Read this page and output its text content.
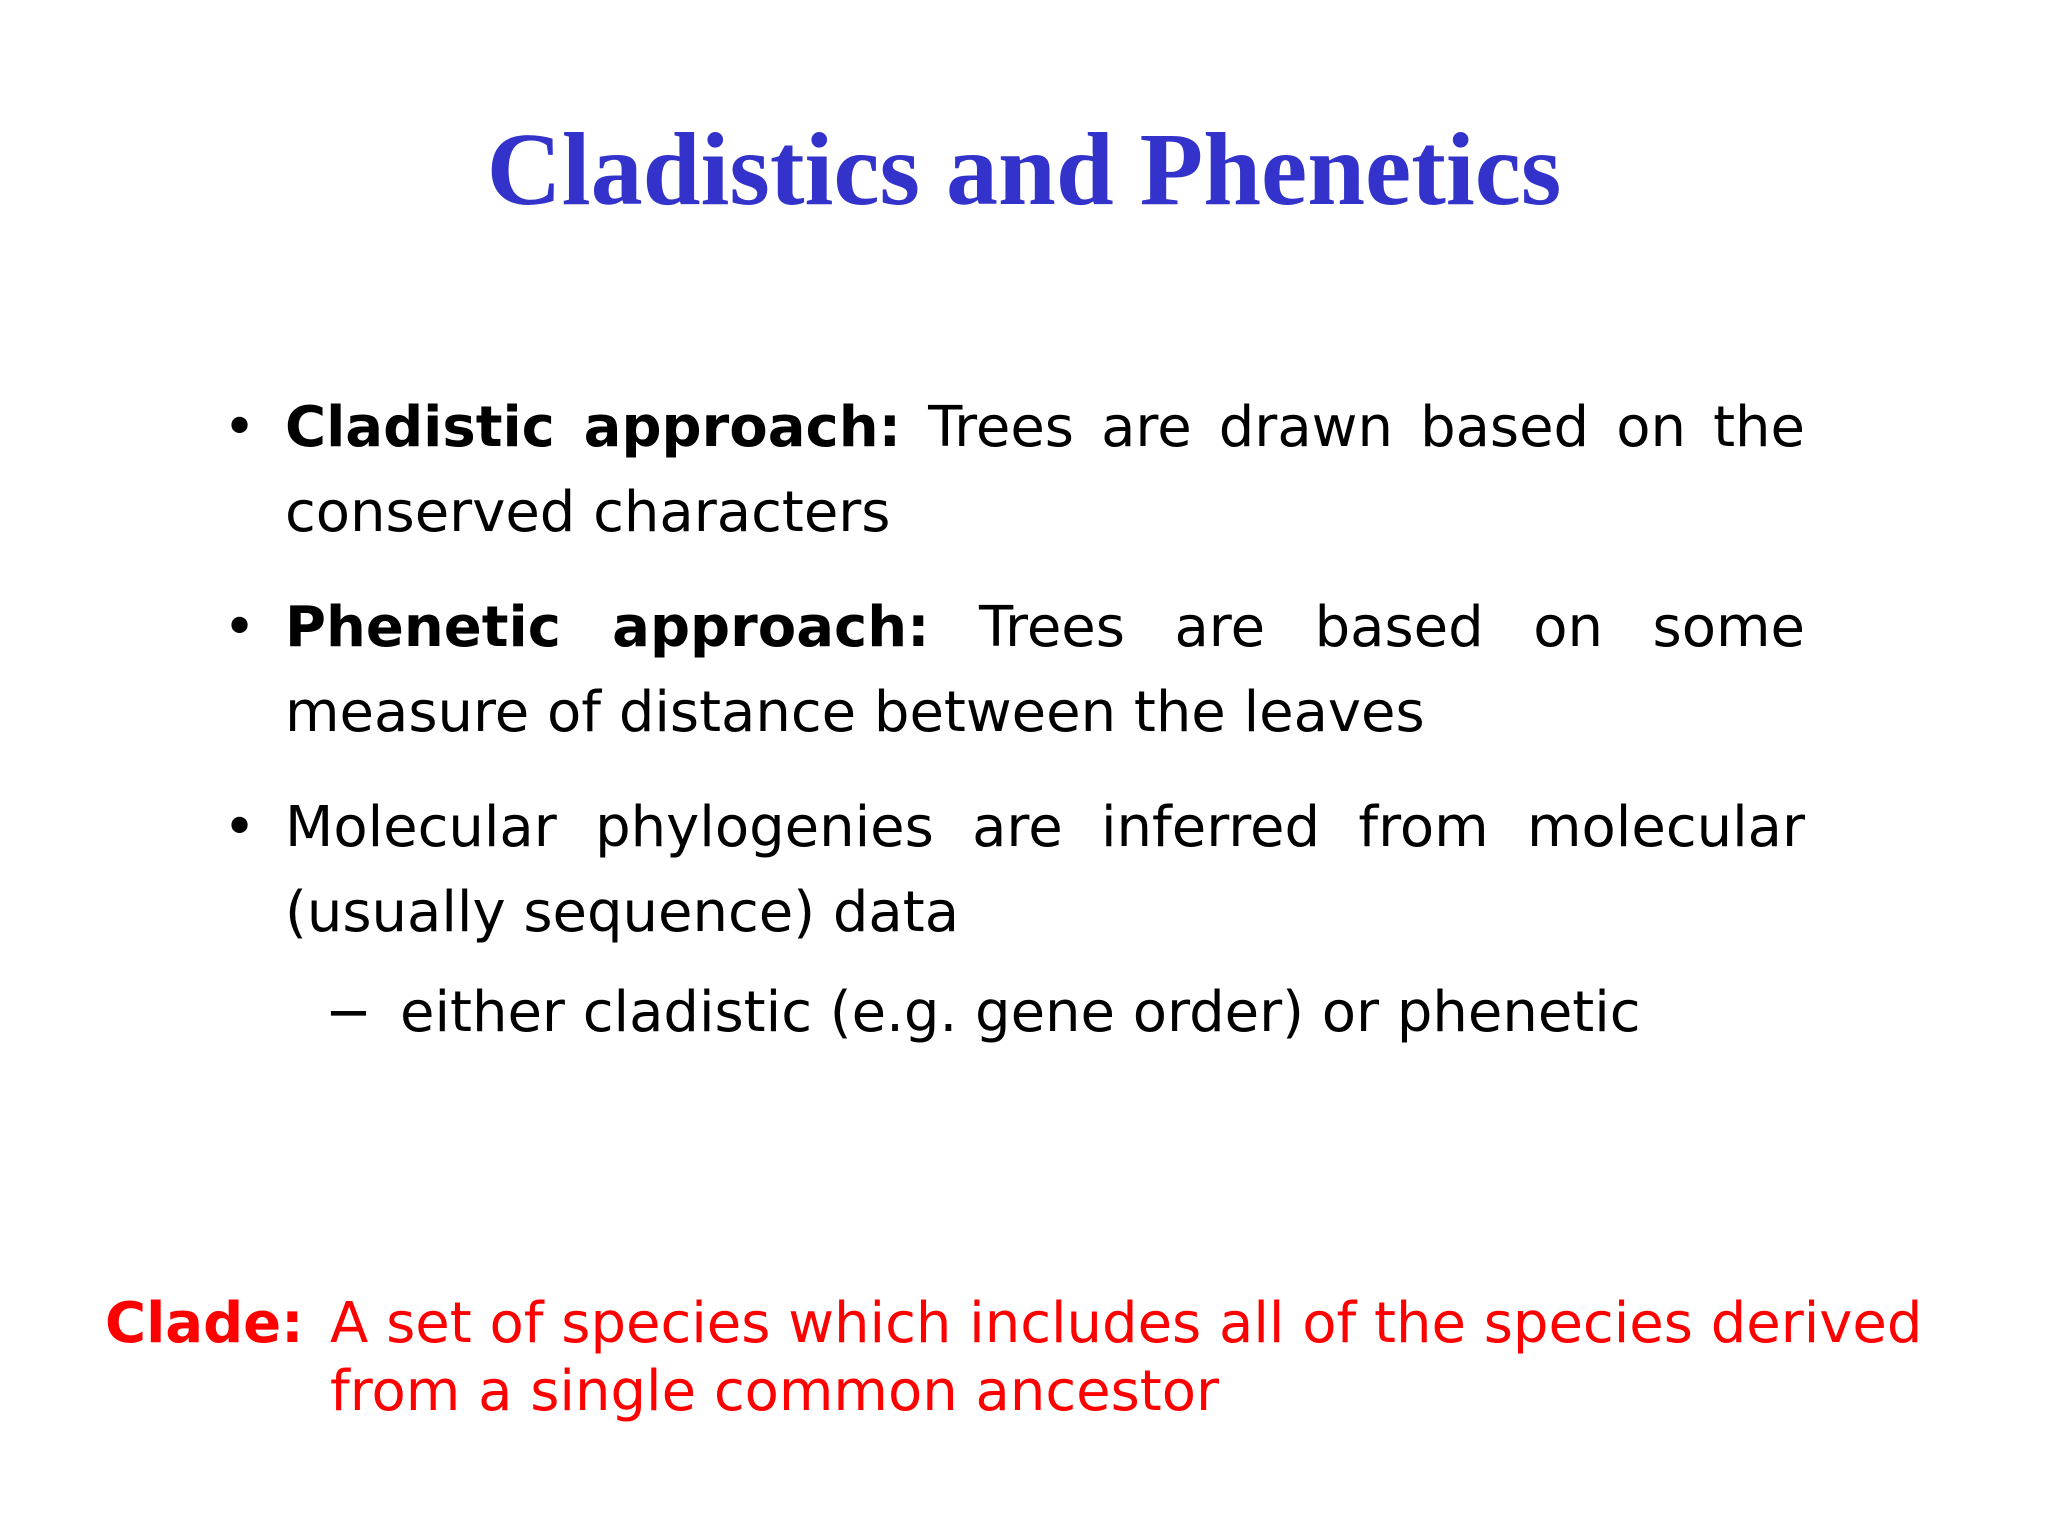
Cladistics and Phenetics
• Cladistic approach: Trees are drawn based on the conserved characters
• Phenetic approach: Trees are based on some measure of distance between the leaves
• Molecular phylogenies are inferred from molecular (usually sequence) data
− either cladistic (e.g. gene order) or phenetic
Clade: A set of species which includes all of the species derived from a single common ancestor
